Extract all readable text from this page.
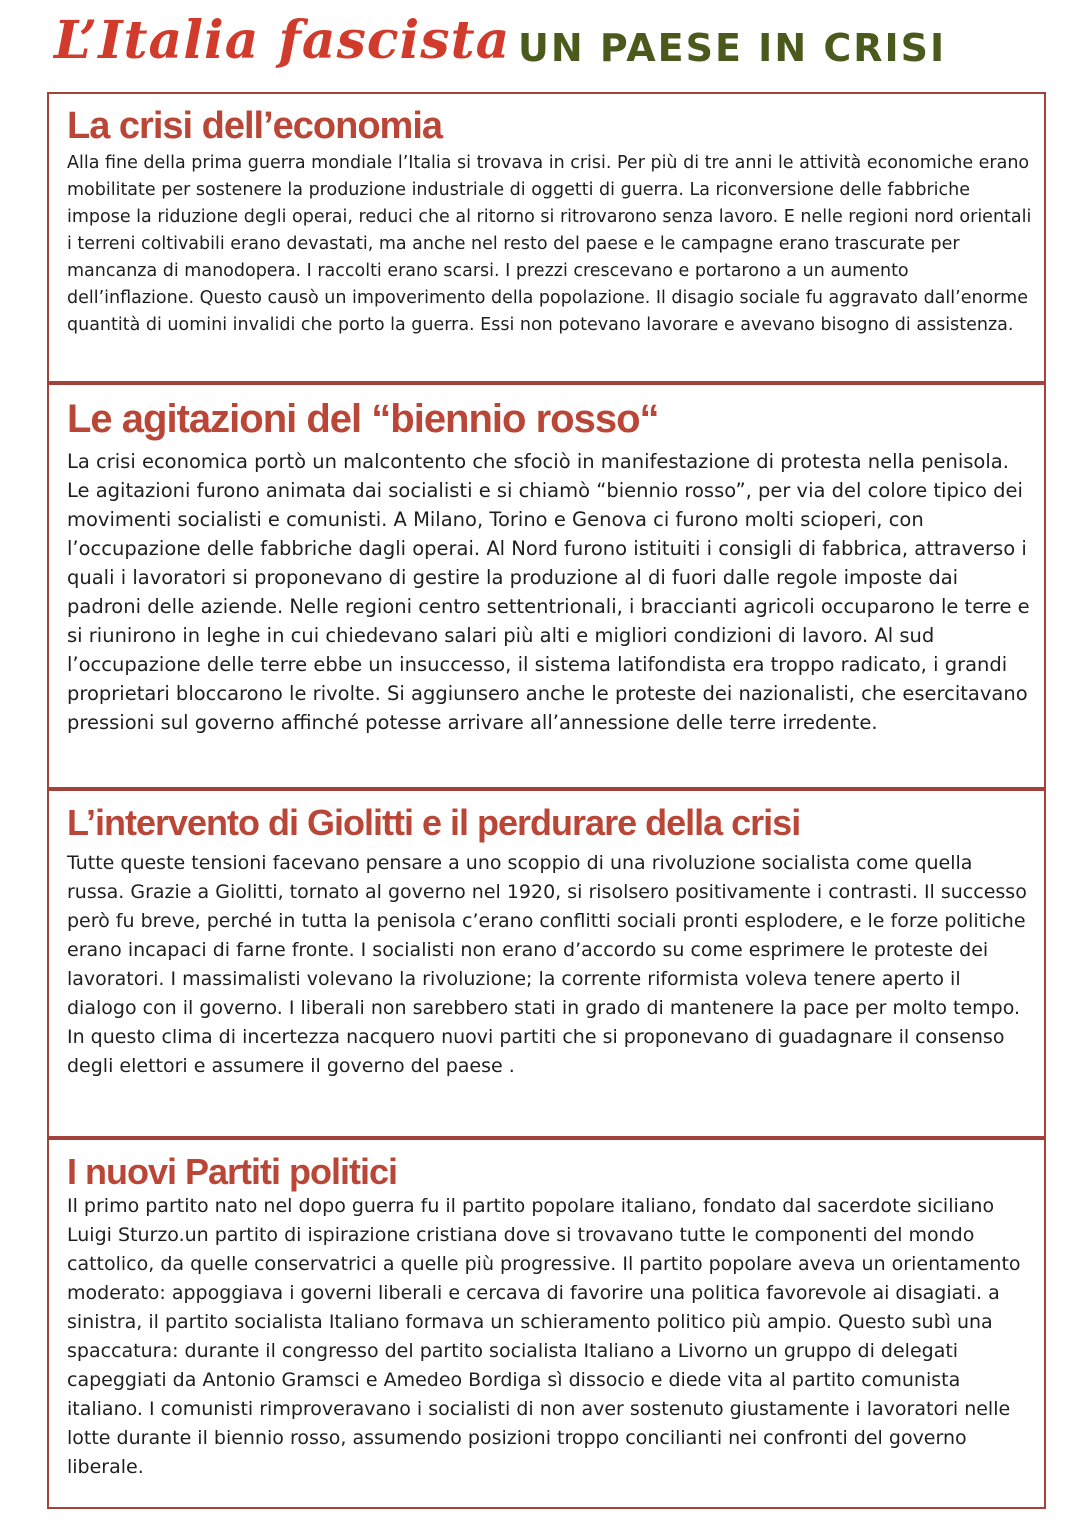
L’Italia fascista UN PAESE IN CRISI
La crisi dell’economia

Alla fine della prima guerra mondiale l’Italia si trovava in crisi. Per più di tre anni le attività economiche erano mobilitate per sostenere la produzione industriale di oggetti di guerra. La riconversione delle fabbriche impose la riduzione degli operai, reduci che al ritorno si ritrovarono senza lavoro. E nelle regioni nord orientali i terreni coltivabili erano devastati, ma anche nel resto del paese e le campagne erano trascurate per mancanza di manodopera. I raccolti erano scarsi. I prezzi crescevano e portarono a un aumento dell’inflazione. Questo causò un impoverimento della popolazione. Il disagio sociale fu aggravato dall’enorme quantità di uomini invalidi che porto la guerra. Essi non potevano lavorare e avevano bisogno di assistenza.

Le agitazioni del “biennio rosso“

La crisi economica portò un malcontento che sfociò in manifestazione di protesta nella penisola. Le agitazioni furono animata dai socialisti e si chiamò “biennio rosso”, per via del colore tipico dei movimenti socialisti e comunisti. A Milano, Torino e Genova ci furono molti scioperi, con l’occupazione delle fabbriche dagli operai. Al Nord furono istituiti i consigli di fabbrica, attraverso i quali i lavoratori si proponevano di gestire la produzione al di fuori dalle regole imposte dai padroni delle aziende. Nelle regioni centro settentrionali, i braccianti agricoli occuparono le terre e si riunirono in leghe in cui chiedevano salari più alti e migliori condizioni di lavoro. Al sud l’occupazione delle terre ebbe un insuccesso, il sistema latifondista era troppo radicato, i grandi proprietari bloccarono le rivolte. Si aggiunsero anche le proteste dei nazionalisti, che esercitavano pressioni sul governo affinché potesse arrivare all’annessione delle terre irredente.

L’intervento di Giolitti e il perdurare della crisi

Tutte queste tensioni facevano pensare a uno scoppio di una rivoluzione socialista come quella russa. Grazie a Giolitti, tornato al governo nel 1920, si risolsero positivamente i contrasti. Il successo però fu breve, perché in tutta la penisola c’erano conflitti sociali pronti esplodere, e le forze politiche erano incapaci di farne fronte. I socialisti non erano d’accordo su come esprimere le proteste dei lavoratori. I massimalisti volevano la rivoluzione; la corrente riformista voleva tenere aperto il dialogo con il governo. I liberali non sarebbero stati in grado di mantenere la pace per molto tempo. In questo clima di incertezza nacquero nuovi partiti che si proponevano di guadagnare il consenso degli elettori e assumere il governo del paese .

I nuovi Partiti politici

Il primo partito nato nel dopo guerra fu il partito popolare italiano, fondato dal sacerdote siciliano Luigi Sturzo.un partito di ispirazione cristiana dove si trovavano tutte le componenti del mondo cattolico, da quelle conservatrici a quelle più progressive. Il partito popolare aveva un orientamento moderato: appoggiava i governi liberali e cercava di favorire una politica favorevole ai disagiati. a sinistra, il partito socialista Italiano formava un schieramento politico più ampio. Questo subì una spaccatura: durante il congresso del partito socialista Italiano a Livorno un gruppo di delegati capeggiati da Antonio Gramsci e Amedeo Bordiga sì dissocio e diede vita al partito comunista italiano. I comunisti rimproveravano i socialisti di non aver sostenuto giustamente i lavoratori nelle lotte durante il biennio rosso, assumendo posizioni troppo concilianti nei confronti del governo liberale.
